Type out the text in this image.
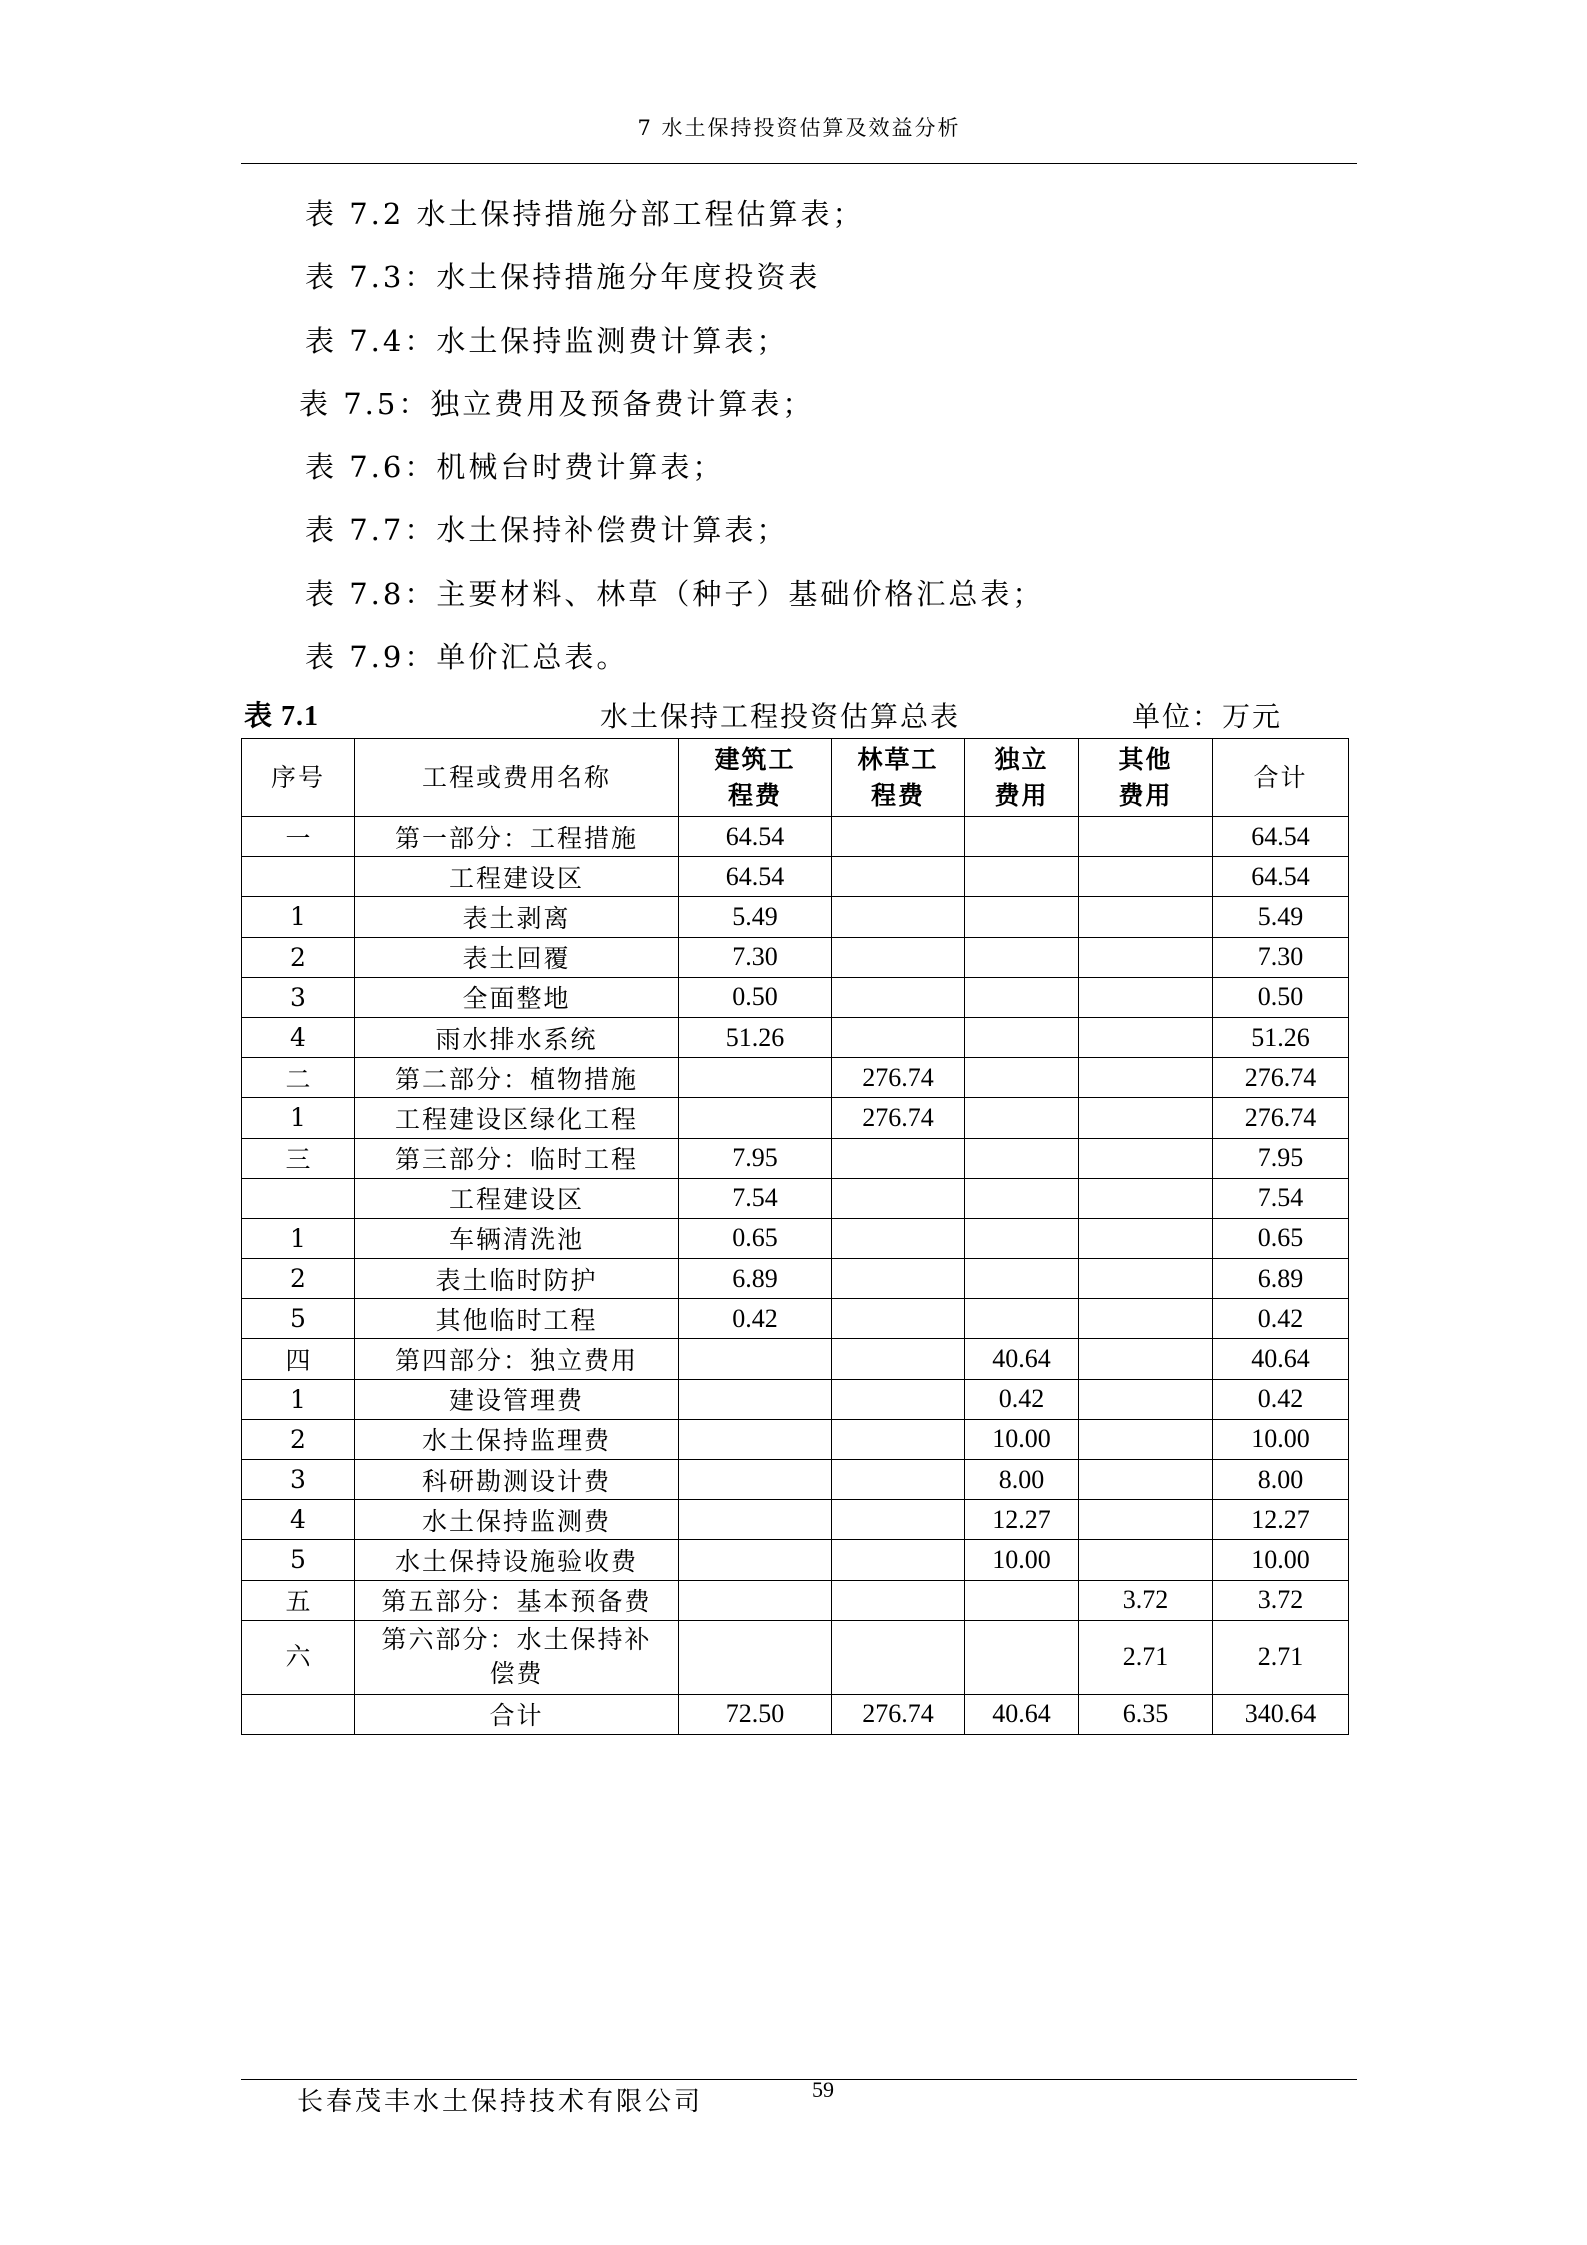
7 水土保持投资估算及效益分析
表 7.2 水土保持措施分部工程估算表；
表 7.3：水土保持措施分年度投资表
表 7.4：水土保持监测费计算表；
表 7.5：独立费用及预备费计算表；
表 7.6：机械台时费计算表；
表 7.7：水土保持补偿费计算表；
表 7.8：主要材料、林草（种子）基础价格汇总表；
表 7.9：单价汇总表。
表 7.1	水土保持工程投资估算总表	单位：万元
序号	工程或费用名称	建筑工程费	林草工程费	独立费用	其他费用	合计
一	第一部分：工程措施	64.54				64.54
	工程建设区	64.54				64.54
1	表土剥离	5.49				5.49
2	表土回覆	7.30				7.30
3	全面整地	0.50				0.50
4	雨水排水系统	51.26				51.26
二	第二部分：植物措施		276.74			276.74
1	工程建设区绿化工程		276.74			276.74
三	第三部分：临时工程	7.95				7.95
	工程建设区	7.54				7.54
1	车辆清洗池	0.65				0.65
2	表土临时防护	6.89				6.89
5	其他临时工程	0.42				0.42
四	第四部分：独立费用			40.64		40.64
1	建设管理费			0.42		0.42
2	水土保持监理费			10.00		10.00
3	科研勘测设计费			8.00		8.00
4	水土保持监测费			12.27		12.27
5	水土保持设施验收费			10.00		10.00
五	第五部分：基本预备费				3.72	3.72
六	第六部分：水土保持补偿费				2.71	2.71
	合计	72.50	276.74	40.64	6.35	340.64
长春茂丰水土保持技术有限公司	59
